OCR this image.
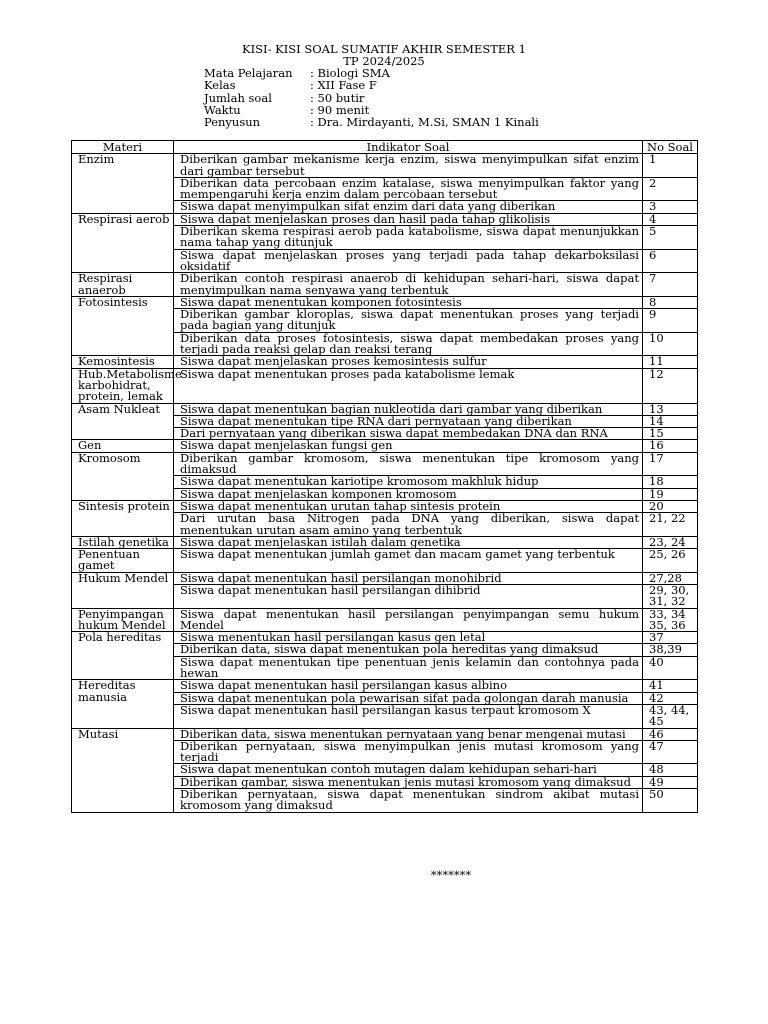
KISI- KISI SOAL SUMATIF AKHIR SEMESTER 1
TP 2024/2025
Mata Pelajaran	: Biologi SMA
Kelas	: XII Fase F
Jumlah soal	: 50 butir
Waktu	: 90 menit
Penyusun	: Dra. Mirdayanti, M.Si, SMAN 1 Kinali
Materi	Indikator Soal	No Soal
Enzim	Diberikan gambar mekanisme kerja enzim, siswa menyimpulkan sifat enzim dari gambar tersebut	1
	Diberikan data percobaan enzim katalase, siswa menyimpulkan faktor yang mempengaruhi kerja enzim dalam percobaan tersebut	2
	Siswa dapat menyimpulkan sifat enzim dari data yang diberikan	3
Respirasi aerob	Siswa dapat menjelaskan proses dan hasil pada tahap glikolisis	4
	Diberikan skema respirasi aerob pada katabolisme, siswa dapat menunjukkan nama tahap yang ditunjuk	5
	Siswa dapat menjelaskan proses yang terjadi pada tahap dekarboksilasi oksidatif	6
Respirasi anaerob	Diberikan contoh respirasi anaerob di kehidupan sehari-hari, siswa dapat menyimpulkan nama senyawa yang terbentuk	7
Fotosintesis	Siswa dapat menentukan komponen fotosintesis	8
	Diberikan gambar kloroplas, siswa dapat menentukan proses yang terjadi pada bagian yang ditunjuk	9
	Diberikan data proses fotosintesis, siswa dapat membedakan proses yang terjadi pada reaksi gelap dan reaksi terang	10
Kemosintesis	Siswa dapat menjelaskan proses kemosintesis sulfur	11
Hub.Metabolisme karbohidrat, protein, lemak	Siswa dapat menentukan proses pada katabolisme lemak	12
Asam Nukleat	Siswa dapat menentukan bagian nukleotida dari gambar yang diberikan	13
	Siswa dapat menentukan tipe RNA dari pernyataan yang diberikan	14
	Dari pernyataan yang diberikan siswa dapat membedakan DNA dan RNA	15
Gen	Siswa dapat menjelaskan fungsi gen	16
Kromosom	Diberikan gambar kromosom, siswa menentukan tipe kromosom yang dimaksud	17
	Siswa dapat menentukan kariotipe kromosom makhluk hidup	18
	Siswa dapat menjelaskan komponen kromosom	19
Sintesis protein	Siswa dapat menentukan urutan tahap sintesis protein	20
	Dari urutan basa Nitrogen pada DNA yang diberikan, siswa dapat menentukan urutan asam amino yang terbentuk	21, 22
Istilah genetika	Siswa dapat menjelaskan istilah dalam genetika	23, 24
Penentuan gamet	Siswa dapat menentukan jumlah gamet dan macam gamet yang terbentuk	25, 26
Hukum Mendel	Siswa dapat menentukan hasil persilangan monohibrid	27,28
	Siswa dapat menentukan hasil persilangan dihibrid	29, 30, 31, 32
Penyimpangan hukum Mendel	Siswa dapat menentukan hasil persilangan penyimpangan semu hukum Mendel	33, 34 35, 36
Pola hereditas	Siswa menentukan hasil persilangan kasus gen letal	37
	Diberikan data, siswa dapat menentukan pola hereditas yang dimaksud	38,39
	Siswa dapat menentukan tipe penentuan jenis kelamin dan contohnya pada hewan	40
Hereditas manusia	Siswa dapat menentukan hasil persilangan kasus albino	41
	Siswa dapat menentukan pola pewarisan sifat pada golongan darah manusia	42
	Siswa dapat menentukan hasil persilangan kasus terpaut kromosom X	43, 44, 45
Mutasi	Diberikan data, siswa menentukan pernyataan yang benar mengenai mutasi	46
	Diberikan pernyataan, siswa menyimpulkan jenis mutasi kromosom yang terjadi	47
	Siswa dapat menentukan contoh mutagen dalam kehidupan sehari-hari	48
	Diberikan gambar, siswa menentukan jenis mutasi kromosom yang dimaksud	49
	Diberikan pernyataan, siswa dapat menentukan sindrom akibat mutasi kromosom yang dimaksud	50
*******
